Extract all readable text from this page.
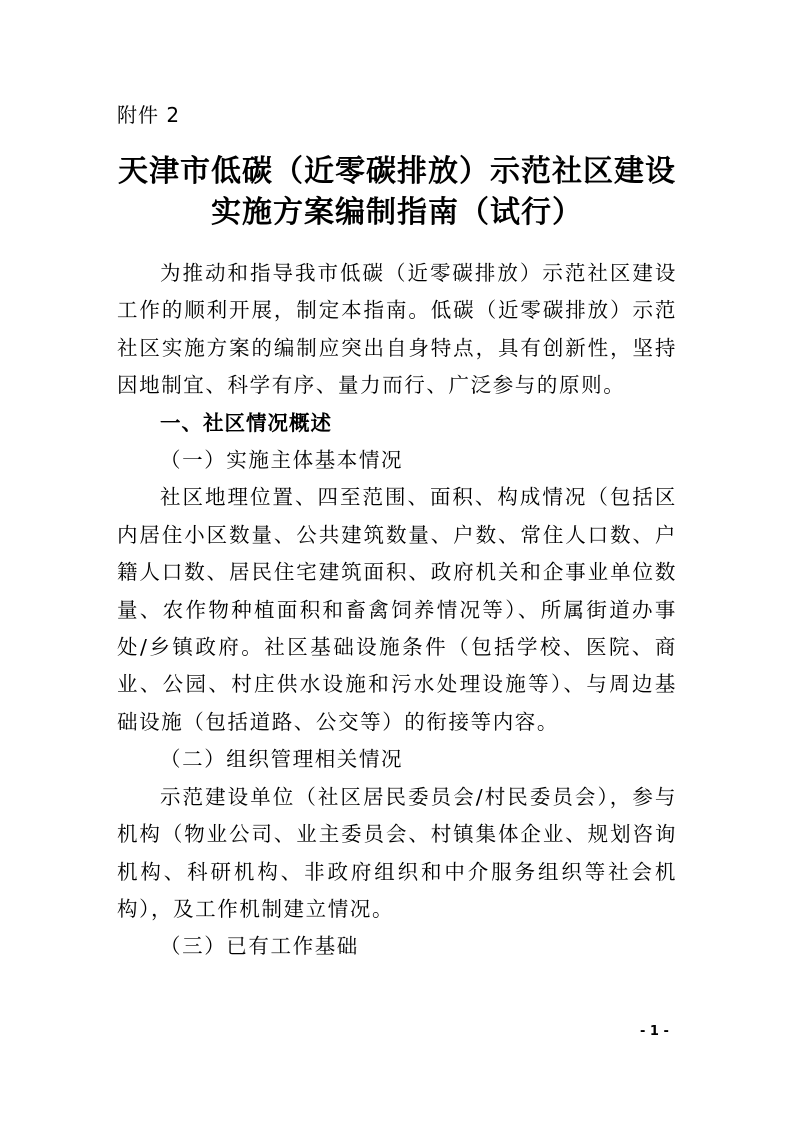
附件 2
天津市低碳（近零碳排放）示范社区建设
实施方案编制指南（试行）

为推动和指导我市低碳（近零碳排放）示范社区建设工作的顺利开展，制定本指南。低碳（近零碳排放）示范社区实施方案的编制应突出自身特点，具有创新性，坚持因地制宜、科学有序、量力而行、广泛参与的原则。

一、社区情况概述

（一）实施主体基本情况

社区地理位置、四至范围、面积、构成情况（包括区内居住小区数量、公共建筑数量、户数、常住人口数、户籍人口数、居民住宅建筑面积、政府机关和企事业单位数量、农作物种植面积和畜禽饲养情况等）、所属街道办事处/乡镇政府。社区基础设施条件（包括学校、医院、商业、公园、村庄供水设施和污水处理设施等）、与周边基础设施（包括道路、公交等）的衔接等内容。

（二）组织管理相关情况

示范建设单位（社区居民委员会/村民委员会），参与机构（物业公司、业主委员会、村镇集体企业、规划咨询机构、科研机构、非政府组织和中介服务组织等社会机构），及工作机制建立情况。

（三）已有工作基础

- 1 -
